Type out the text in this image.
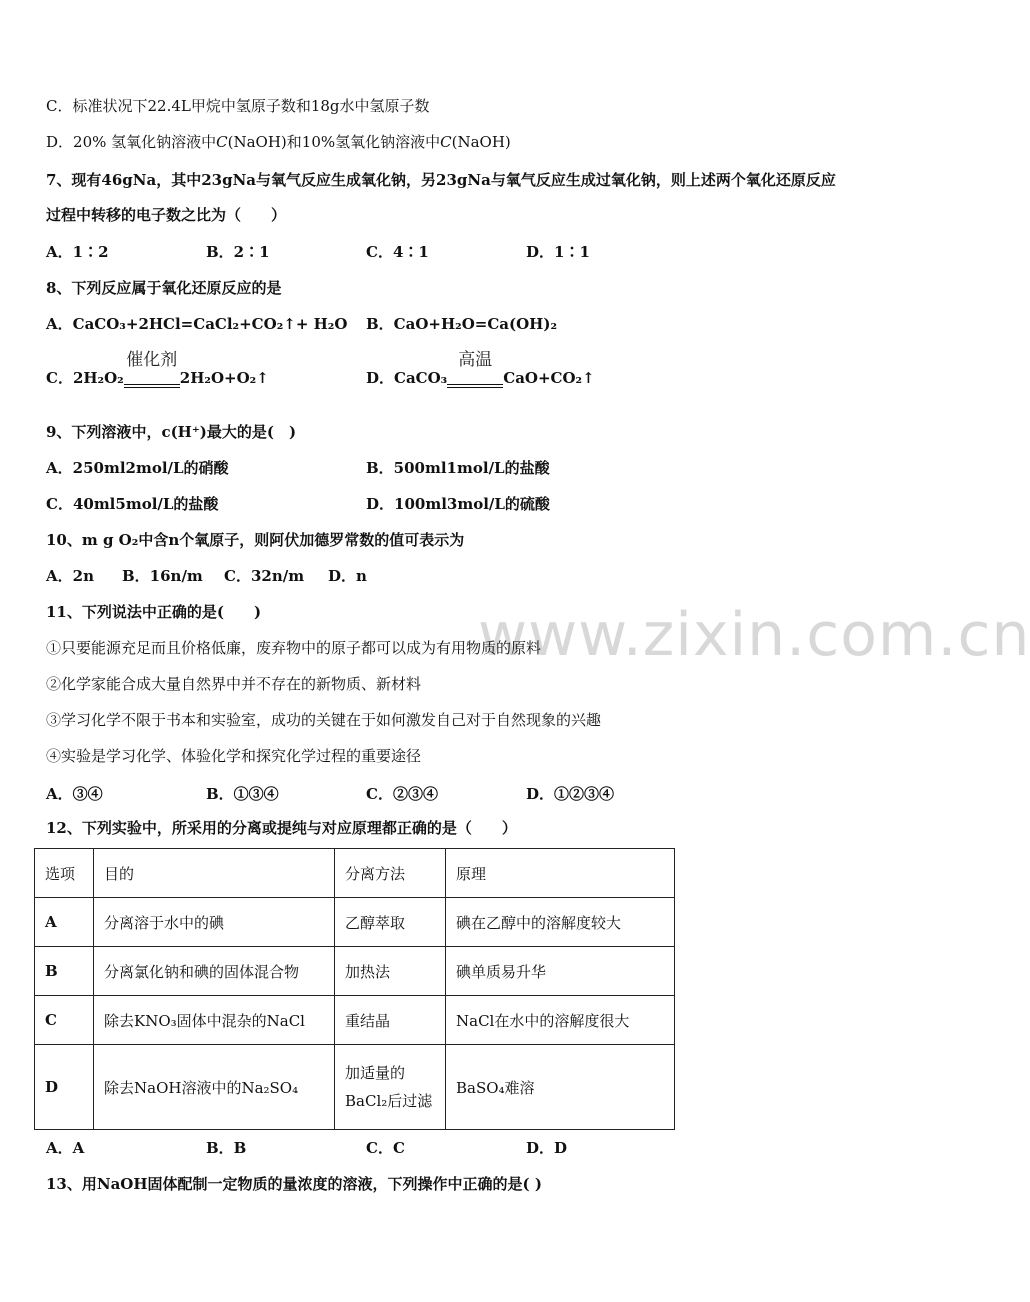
www.zixin.com.cn
C．标准状况下22.4L甲烷中氢原子数和18g水中氢原子数
D．20% 氢氧化钠溶液中C(NaOH)和10%氢氧化钠溶液中C(NaOH)
7、现有46gNa，其中23gNa与氧气反应生成氧化钠，另23gNa与氧气反应生成过氧化钠，则上述两个氧化还原反应
过程中转移的电子数之比为（　　）
A．1∶2	B．2∶1	C．4∶1	D．1∶1
8、下列反应属于氧化还原反应的是
A．CaCO₃+2HCl=CaCl₂+CO₂↑+ H₂O B．CaO+H₂O=Ca(OH)₂
C．2H₂O₂
催化剂
2H₂O+O₂↑	D．CaCO₃
高温
CaO+CO₂↑
9、下列溶液中，c(H⁺)最大的是(　)
A．250ml2mol/L的硝酸	B．500ml1mol/L的盐酸
C．40ml5mol/L的盐酸	D．100ml3mol/L的硫酸
10、m g O₂中含n个氧原子，则阿伏加德罗常数的值可表示为
A．2n B．16n/m C．32n/m D．n
11、下列说法中正确的是(　　)
①只要能源充足而且价格低廉，废弃物中的原子都可以成为有用物质的原料
②化学家能合成大量自然界中并不存在的新物质、新材料
③学习化学不限于书本和实验室，成功的关键在于如何激发自己对于自然现象的兴趣
④实验是学习化学、体验化学和探究化学过程的重要途径
A．③④	B．①③④	C．②③④	D．①②③④
12、下列实验中，所采用的分离或提纯与对应原理都正确的是（　　）
选项	目的	分离方法	原理
A	分离溶于水中的碘	乙醇萃取	碘在乙醇中的溶解度较大
B	分离氯化钠和碘的固体混合物	加热法	碘单质易升华
C	除去KNO₃固体中混杂的NaCl	重结晶	NaCl在水中的溶解度很大
D	除去NaOH溶液中的Na₂SO₄	加适量的BaCl₂后过滤	BaSO₄难溶
A．A	B．B	C．C	D．D
13、用NaOH固体配制一定物质的量浓度的溶液，下列操作中正确的是( )
